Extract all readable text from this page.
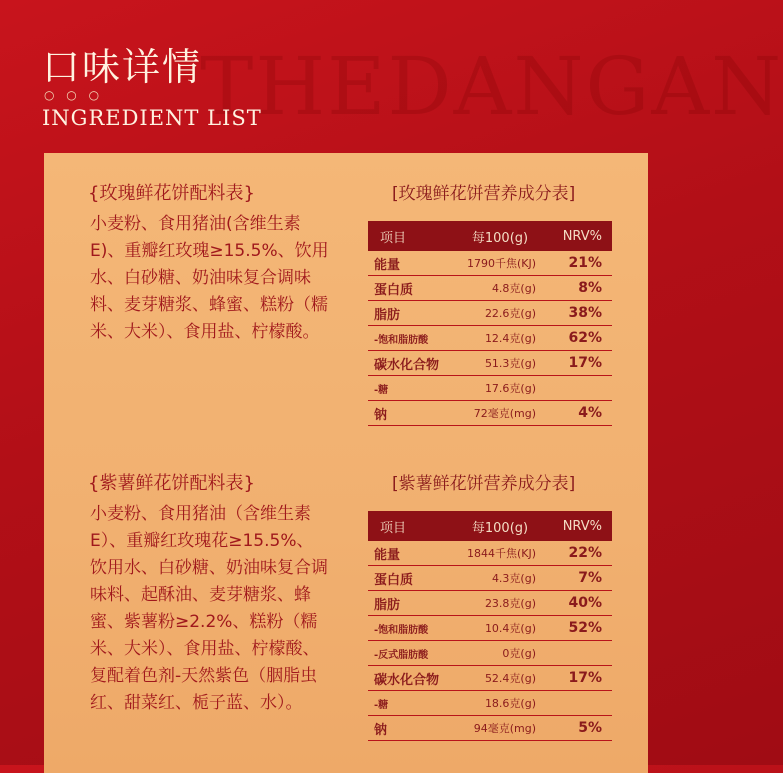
THEDANGAN
口味详情
○ ○ ○
INGREDIENT LIST
{玫瑰鲜花饼配料表}
小麦粉、食用猪油(含维生素E)、重瓣红玫瑰≥15.5%、饮用水、白砂糖、奶油味复合调味料、麦芽糖浆、蜂蜜、糕粉（糯米、大米）、食用盐、柠檬酸。
[玫瑰鲜花饼营养成分表]
项目	每100(g)	NRV%
能量	1790千焦(KJ)	21%
蛋白质	4.8克(g)	8%
脂肪	22.6克(g)	38%
-饱和脂肪酸	12.4克(g)	62%
碳水化合物	51.3克(g)	17%
-糖	17.6克(g)	
钠	72毫克(mg)	4%
{紫薯鲜花饼配料表}
小麦粉、食用猪油（含维生素E）、重瓣红玫瑰花≥15.5%、饮用水、白砂糖、奶油味复合调味料、起酥油、麦芽糖浆、蜂蜜、紫薯粉≥2.2%、糕粉（糯米、大米）、食用盐、柠檬酸、复配着色剂-天然紫色（胭脂虫红、甜菜红、栀子蓝、水）。
[紫薯鲜花饼营养成分表]
项目	每100(g)	NRV%
能量	1844千焦(KJ)	22%
蛋白质	4.3克(g)	7%
脂肪	23.8克(g)	40%
-饱和脂肪酸	10.4克(g)	52%
-反式脂肪酸	0克(g)	
碳水化合物	52.4克(g)	17%
-糖	18.6克(g)	
钠	94毫克(mg)	5%
